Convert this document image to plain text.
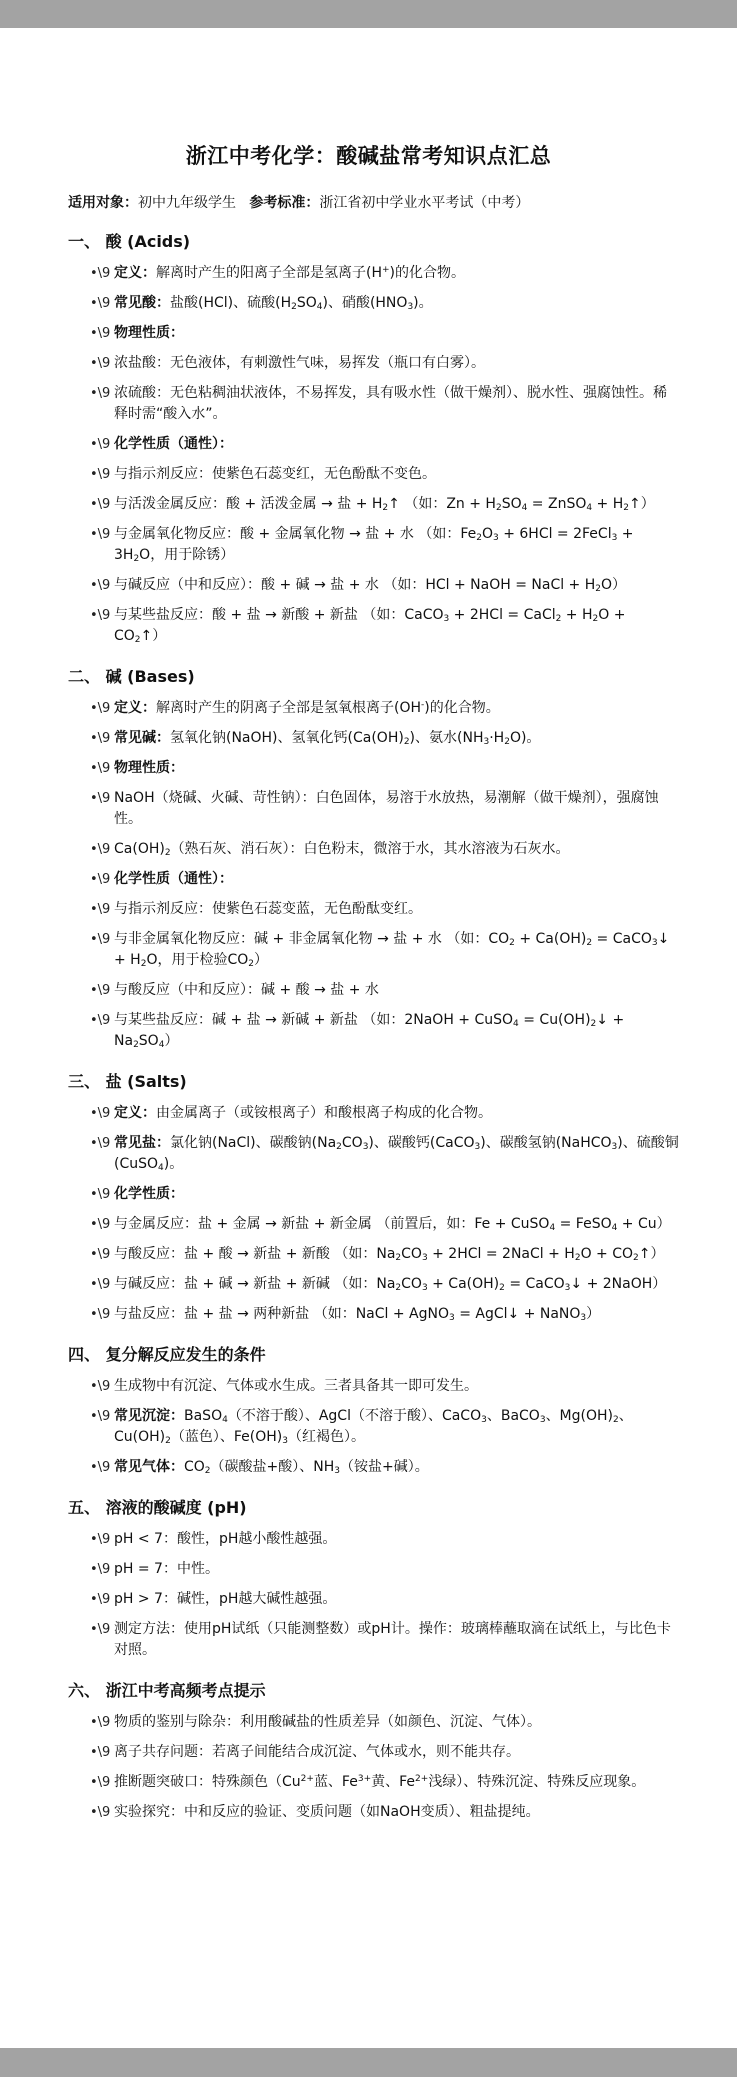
浙江中考化学：酸碱盐常考知识点汇总
适用对象：初中九年级学生 参考标准：浙江省初中学业水平考试（中考）
一、 酸 (Acids)
•\9 定义：解离时产生的阳离子全部是氢离子(H+)的化合物。
•\9 常见酸：盐酸(HCl)、硫酸$(H_2SO_4)$、硝酸$(HNO_3)$。
•\9 物理性质：
•\9 浓盐酸：无色液体，有刺激性气味，易挥发（瓶口有白雾）。
•\9 浓硫酸：无色粘稠油状液体，不易挥发，具有吸水性（做干燥剂）、脱水性、强腐蚀性。稀释时需“酸入水”。
•\9 化学性质（通性）：
•\9 与指示剂反应：使紫色石蕊变红，无色酚酞不变色。
•\9 与活泼金属反应：酸 + 活泼金属 → 盐 + $H_2↑$ （如：$Zn + H_2SO_4$ = ZnSO$_4$ + $H_2↑$）
•\9 与金属氧化物反应：酸 + 金属氧化物 → 盐 + 水 （如：$Fe_2O_3 + 6HCl$ = 2FeCl$_3$ + $3H_2O$，用于除锈）
•\9 与碱反应（中和反应）：酸 + 碱 → 盐 + 水 （如：HCl + NaOH = NaCl + $H_2O$）
•\9 与某些盐反应：酸 + 盐 → 新酸 + 新盐 （如：CaCO$_3$ + 2HCl = CaCl$_2$ + $H_2O$ + $CO_2↑$）
二、 碱 (Bases)
•\9 定义：解离时产生的阴离子全部是氢氧根离子(OH-)的化合物。
•\9 常见碱：氢氧化钠(NaOH)、氢氧化钙$(Ca(OH)_2)$、氨水$(NH_3\cdot H_2O)$。
•\9 物理性质：
•\9 NaOH（烧碱、火碱、苛性钠）：白色固体，易溶于水放热，易潮解（做干燥剂），强腐蚀性。
•\9 $Ca(OH)_2$（熟石灰、消石灰）：白色粉末，微溶于水，其水溶液为石灰水。
•\9 化学性质（通性）：
•\9 与指示剂反应：使紫色石蕊变蓝，无色酚酞变红。
•\9 与非金属氧化物反应：碱 + 非金属氧化物 → 盐 + 水 （如：$CO_2 + Ca(OH)_2$ = CaCO$_3$↓ + $H_2O$，用于检验$CO_2$）
•\9 与酸反应（中和反应）：碱 + 酸 → 盐 + 水
•\9 与某些盐反应：碱 + 盐 → 新碱 + 新盐 （如：2NaOH + CuSO$_4$ = $Cu(OH)_2↓ + Na_2SO_4$）
三、 盐 (Salts)
•\9 定义：由金属离子（或铵根离子）和酸根离子构成的化合物。
•\9 常见盐：氯化钠(NaCl)、碳酸钠$(Na_2CO_3)$、碳酸钙(CaCO$_3$)、碳酸氢钠(NaHCO$_3$)、硫酸铜(CuSO$_4$)。
•\9 化学性质：
•\9 与金属反应：盐 + 金属 → 新盐 + 新金属 （前置后，如：Fe + CuSO$_4$ = FeSO$_4$ + Cu）
•\9 与酸反应：盐 + 酸 → 新盐 + 新酸 （如：$Na_2CO_3 + 2HCl$ = 2NaCl + $H_2O$ + $CO_2↑$）
•\9 与碱反应：盐 + 碱 → 新盐 + 新碱 （如：$Na_2CO_3 + Ca(OH)_2$ = CaCO$_3$↓ + 2NaOH）
•\9 与盐反应：盐 + 盐 → 两种新盐 （如：NaCl + AgNO$_3$ = AgCl↓ + NaNO$_3$）
四、 复分解反应发生的条件
•\9 生成物中有沉淀、气体或水生成。三者具备其一即可发生。
•\9 常见沉淀：BaSO$_4$（不溶于酸）、AgCl（不溶于酸）、CaCO$_3$、BaCO$_3$、$Mg(OH)_2$、$Cu(OH)_2$（蓝色）、$Fe(OH)_3$（红褐色）。
•\9 常见气体：$CO_2$（碳酸盐+酸）、$NH_3$（铵盐+碱）。
五、 溶液的酸碱度 (pH)
•\9 pH < 7：酸性，pH越小酸性越强。
•\9 pH = 7：中性。
•\9 pH > 7：碱性，pH越大碱性越强。
•\9 测定方法：使用pH试纸（只能测整数）或pH计。操作：玻璃棒蘸取滴在试纸上，与比色卡对照。
六、 浙江中考高频考点提示
•\9 物质的鉴别与除杂：利用酸碱盐的性质差异（如颜色、沉淀、气体）。
•\9 离子共存问题：若离子间能结合成沉淀、气体或水，则不能共存。
•\9 推断题突破口：特殊颜色（$Cu^{2+}$蓝、$Fe^{3+}$黄、$Fe^{2+}$浅绿）、特殊沉淀、特殊反应现象。
•\9 实验探究：中和反应的验证、变质问题（如NaOH变质）、粗盐提纯。
